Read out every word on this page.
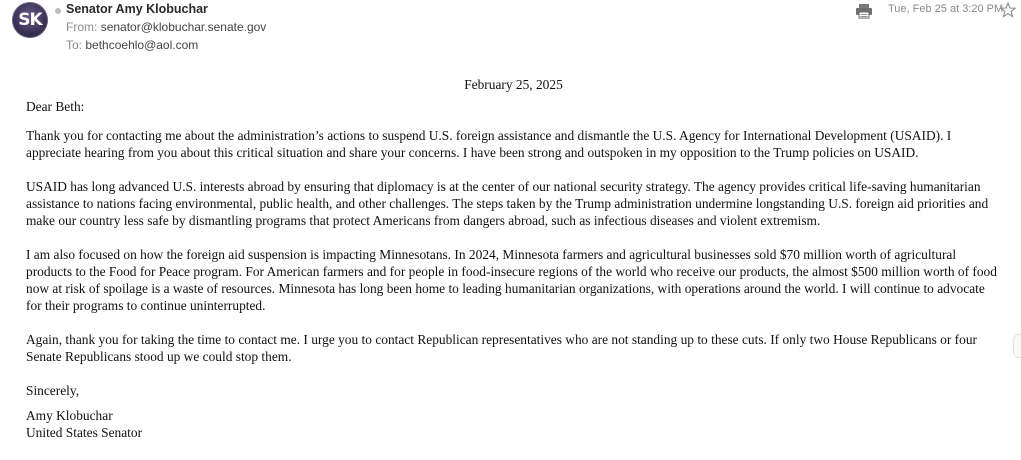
SK
Senator Amy Klobuchar
From: senator@klobuchar.senate.gov
To: bethcoehlo@aol.com
Tue, Feb 25 at 3:20 PM

February 25, 2025

Dear Beth:

Thank you for contacting me about the administration’s actions to suspend U.S. foreign assistance and dismantle the U.S. Agency for International Development (USAID). I appreciate hearing from you about this critical situation and share your concerns. I have been strong and outspoken in my opposition to the Trump policies on USAID.

USAID has long advanced U.S. interests abroad by ensuring that diplomacy is at the center of our national security strategy. The agency provides critical life-saving humanitarian assistance to nations facing environmental, public health, and other challenges. The steps taken by the Trump administration undermine longstanding U.S. foreign aid priorities and make our country less safe by dismantling programs that protect Americans from dangers abroad, such as infectious diseases and violent extremism.

I am also focused on how the foreign aid suspension is impacting Minnesotans. In 2024, Minnesota farmers and agricultural businesses sold $70 million worth of agricultural products to the Food for Peace program. For American farmers and for people in food-insecure regions of the world who receive our products, the almost $500 million worth of food now at risk of spoilage is a waste of resources. Minnesota has long been home to leading humanitarian organizations, with operations around the world. I will continue to advocate for their programs to continue uninterrupted.

Again, thank you for taking the time to contact me. I urge you to contact Republican representatives who are not standing up to these cuts. If only two House Republicans or four Senate Republicans stood up we could stop them.

Sincerely,

Amy Klobuchar

United States Senator
